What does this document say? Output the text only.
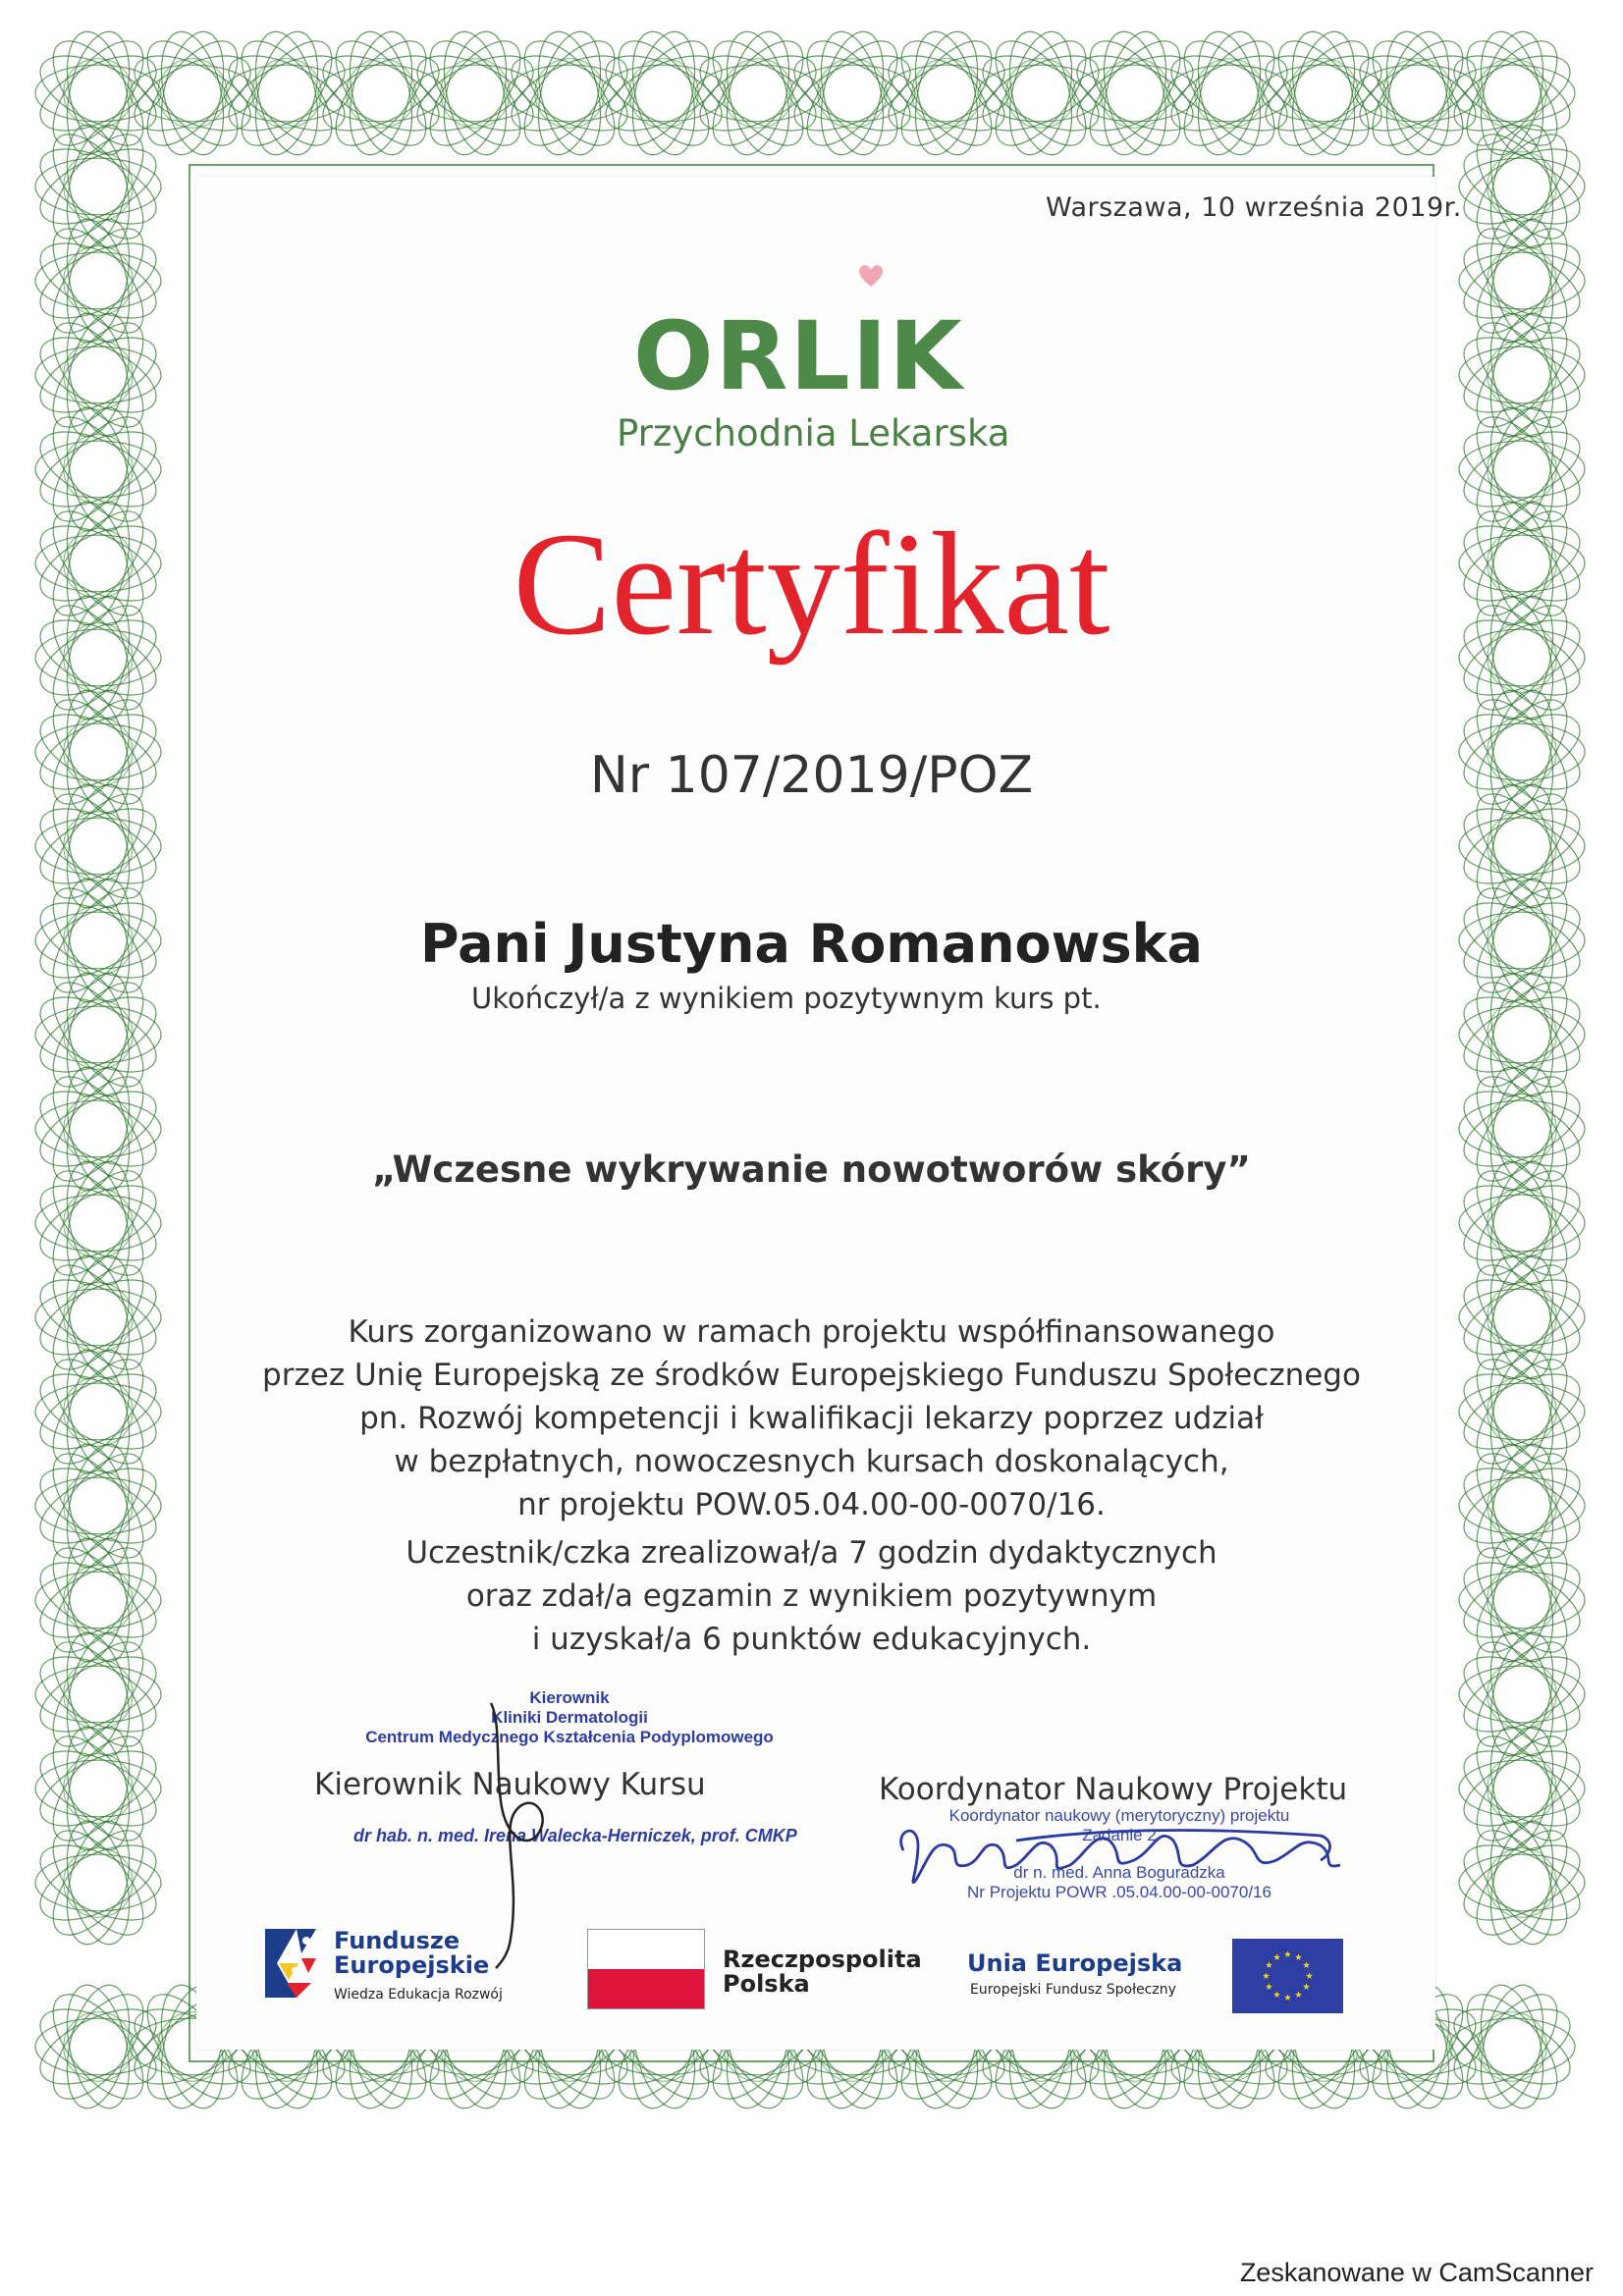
Warszawa, 10 września 2019r.
ORLIK
Przychodnia Lekarska
Certyfikat
Nr 107/2019/POZ
Pani Justyna Romanowska
Ukończył/a z wynikiem pozytywnym kurs pt.
„Wczesne wykrywanie nowotworów skóry”
Kurs zorganizowano w ramach projektu współfinansowanego
przez Unię Europejską ze środków Europejskiego Funduszu Społecznego
pn. Rozwój kompetencji i kwalifikacji lekarzy poprzez udział
w bezpłatnych, nowoczesnych kursach doskonalących,
nr projektu POW.05.04.00-00-0070/16.
Uczestnik/czka zrealizował/a 7 godzin dydaktycznych
oraz zdał/a egzamin z wynikiem pozytywnym
i uzyskał/a 6 punktów edukacyjnych.
Kierownik
Kliniki Dermatologii
Centrum Medycznego Kształcenia Podyplomowego
Kierownik Naukowy Kursu
dr hab. n. med. Irena Walecka-Herniczek, prof. CMKP
Koordynator Naukowy Projektu
Koordynator naukowy (merytoryczny) projektu
Zadanie 2
dr n. med. Anna Boguradzka
Nr Projektu POWR .05.04.00-00-0070/16
Fundusze
Europejskie
Wiedza Edukacja Rozwój
Rzeczpospolita
Polska
Unia Europejska
Europejski Fundusz Społeczny
Zeskanowane w CamScanner
